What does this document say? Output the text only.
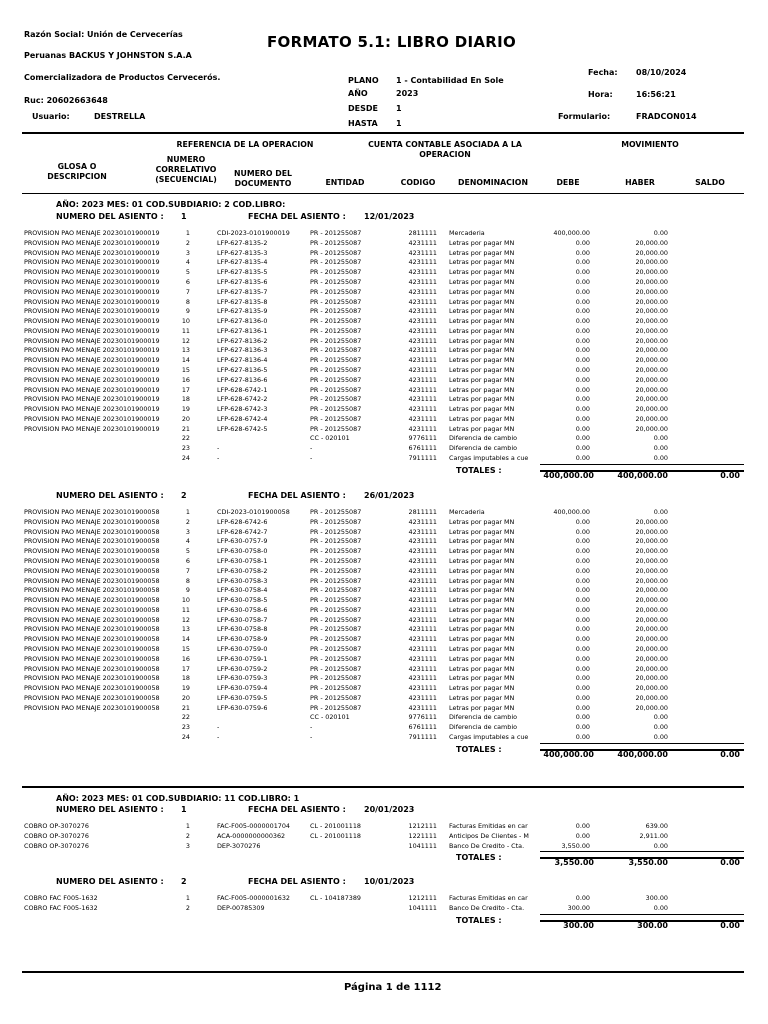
Razón Social: Unión de Cervecerías
Peruanas BACKUS Y JOHNSTON S.A.A
Comercializadora de Productos Cervecerós.
Ruc: 20602663648
Usuario:	DESTRELLA
FORMATO 5.1: LIBRO DIARIO
PLANO 1 - Contabilidad En Sole
AÑO	2023
DESDE 1
HASTA 1
Fecha: 08/10/2024
Hora:	16:56:21
Formulario:	FRADCON014
REFERENCIA DE LA OPERACION	CUENTA CONTABLE ASOCIADA A LA OPERACION
MOVIMIENTO
GLOSA O DESCRIPCION
NUMERO CORRELATIVO (SECUENCIAL)
NUMERO DEL DOCUMENTO	ENTIDAD	CODIGO	DENOMINACION	DEBE	HABER	SALDO
AÑO: 2023 MES: 01 COD.SUBDIARIO: 2 COD.LIBRO:
NUMERO DEL ASIENTO : 1	FECHA DEL ASIENTO : 12/01/2023
PROVISION PAO MENAJE 20230101900019	1	CDI-2023-0101900019	PR - 201255087	2811111 Mercaderia	400,000.00	0.00
PROVISION PAO MENAJE 20230101900019	2	LFP-627-8135-2	PR - 201255087	4231111 Letras por pagar MN	0.00	20,000.00
PROVISION PAO MENAJE 20230101900019	3	LFP-627-8135-3	PR - 201255087	4231111 Letras por pagar MN	0.00	20,000.00
PROVISION PAO MENAJE 20230101900019	4	LFP-627-8135-4	PR - 201255087	4231111 Letras por pagar MN	0.00	20,000.00
PROVISION PAO MENAJE 20230101900019	5	LFP-627-8135-5	PR - 201255087	4231111 Letras por pagar MN	0.00	20,000.00
PROVISION PAO MENAJE 20230101900019	6	LFP-627-8135-6	PR - 201255087	4231111 Letras por pagar MN	0.00	20,000.00
PROVISION PAO MENAJE 20230101900019	7	LFP-627-8135-7	PR - 201255087	4231111 Letras por pagar MN	0.00	20,000.00
PROVISION PAO MENAJE 20230101900019	8	LFP-627-8135-8	PR - 201255087	4231111 Letras por pagar MN	0.00	20,000.00
PROVISION PAO MENAJE 20230101900019	9	LFP-627-8135-9	PR - 201255087	4231111 Letras por pagar MN	0.00	20,000.00
PROVISION PAO MENAJE 20230101900019	10	LFP-627-8136-0	PR - 201255087	4231111 Letras por pagar MN	0.00	20,000.00
PROVISION PAO MENAJE 20230101900019	11	LFP-627-8136-1	PR - 201255087	4231111 Letras por pagar MN	0.00	20,000.00
PROVISION PAO MENAJE 20230101900019	12	LFP-627-8136-2	PR - 201255087	4231111 Letras por pagar MN	0.00	20,000.00
PROVISION PAO MENAJE 20230101900019	13	LFP-627-8136-3	PR - 201255087	4231111 Letras por pagar MN	0.00	20,000.00
PROVISION PAO MENAJE 20230101900019	14	LFP-627-8136-4	PR - 201255087	4231111 Letras por pagar MN	0.00	20,000.00
PROVISION PAO MENAJE 20230101900019	15	LFP-627-8136-5	PR - 201255087	4231111 Letras por pagar MN	0.00	20,000.00
PROVISION PAO MENAJE 20230101900019	16	LFP-627-8136-6	PR - 201255087	4231111 Letras por pagar MN	0.00	20,000.00
PROVISION PAO MENAJE 20230101900019	17	LFP-628-6742-1	PR - 201255087	4231111 Letras por pagar MN	0.00	20,000.00
PROVISION PAO MENAJE 20230101900019	18	LFP-628-6742-2	PR - 201255087	4231111 Letras por pagar MN	0.00	20,000.00
PROVISION PAO MENAJE 20230101900019	19	LFP-628-6742-3	PR - 201255087	4231111 Letras por pagar MN	0.00	20,000.00
PROVISION PAO MENAJE 20230101900019	20	LFP-628-6742-4	PR - 201255087	4231111 Letras por pagar MN	0.00	20,000.00
PROVISION PAO MENAJE 20230101900019	21	LFP-628-6742-5	PR - 201255087	4231111 Letras por pagar MN	0.00	20,000.00
22	CC - 020101	9776111 Diferencia de cambio	0.00	0.00
23	-	-	6761111 Diferencia de cambio	0.00	0.00
24	-	-	7911111 Cargas imputables a cue	0.00	0.00
TOTALES :
400,000.00	400,000.00	0.00
NUMERO DEL ASIENTO : 2	FECHA DEL ASIENTO : 26/01/2023
PROVISION PAO MENAJE 20230101900058	1	CDI-2023-0101900058	PR - 201255087	2811111 Mercaderia	400,000.00	0.00
PROVISION PAO MENAJE 20230101900058	2	LFP-628-6742-6	PR - 201255087	4231111 Letras por pagar MN	0.00	20,000.00
PROVISION PAO MENAJE 20230101900058	3	LFP-628-6742-7	PR - 201255087	4231111 Letras por pagar MN	0.00	20,000.00
PROVISION PAO MENAJE 20230101900058	4	LFP-630-0757-9	PR - 201255087	4231111 Letras por pagar MN	0.00	20,000.00
PROVISION PAO MENAJE 20230101900058	5	LFP-630-0758-0	PR - 201255087	4231111 Letras por pagar MN	0.00	20,000.00
PROVISION PAO MENAJE 20230101900058	6	LFP-630-0758-1	PR - 201255087	4231111 Letras por pagar MN	0.00	20,000.00
PROVISION PAO MENAJE 20230101900058	7	LFP-630-0758-2	PR - 201255087	4231111 Letras por pagar MN	0.00	20,000.00
PROVISION PAO MENAJE 20230101900058	8	LFP-630-0758-3	PR - 201255087	4231111 Letras por pagar MN	0.00	20,000.00
PROVISION PAO MENAJE 20230101900058	9	LFP-630-0758-4	PR - 201255087	4231111 Letras por pagar MN	0.00	20,000.00
PROVISION PAO MENAJE 20230101900058	10	LFP-630-0758-5	PR - 201255087	4231111 Letras por pagar MN	0.00	20,000.00
PROVISION PAO MENAJE 20230101900058	11	LFP-630-0758-6	PR - 201255087	4231111 Letras por pagar MN	0.00	20,000.00
PROVISION PAO MENAJE 20230101900058	12	LFP-630-0758-7	PR - 201255087	4231111 Letras por pagar MN	0.00	20,000.00
PROVISION PAO MENAJE 20230101900058	13	LFP-630-0758-8	PR - 201255087	4231111 Letras por pagar MN	0.00	20,000.00
PROVISION PAO MENAJE 20230101900058	14	LFP-630-0758-9	PR - 201255087	4231111 Letras por pagar MN	0.00	20,000.00
PROVISION PAO MENAJE 20230101900058	15	LFP-630-0759-0	PR - 201255087	4231111 Letras por pagar MN	0.00	20,000.00
PROVISION PAO MENAJE 20230101900058	16	LFP-630-0759-1	PR - 201255087	4231111 Letras por pagar MN	0.00	20,000.00
PROVISION PAO MENAJE 20230101900058	17	LFP-630-0759-2	PR - 201255087	4231111 Letras por pagar MN	0.00	20,000.00
PROVISION PAO MENAJE 20230101900058	18	LFP-630-0759-3	PR - 201255087	4231111 Letras por pagar MN	0.00	20,000.00
PROVISION PAO MENAJE 20230101900058	19	LFP-630-0759-4	PR - 201255087	4231111 Letras por pagar MN	0.00	20,000.00
PROVISION PAO MENAJE 20230101900058	20	LFP-630-0759-5	PR - 201255087	4231111 Letras por pagar MN	0.00	20,000.00
PROVISION PAO MENAJE 20230101900058	21	LFP-630-0759-6	PR - 201255087	4231111 Letras por pagar MN	0.00	20,000.00
22	CC - 020101	9776111 Diferencia de cambio	0.00	0.00
23	-	-	6761111 Diferencia de cambio	0.00	0.00
24	-	-	7911111 Cargas imputables a cue	0.00	0.00
TOTALES :
400,000.00	400,000.00	0.00
AÑO: 2023 MES: 01 COD.SUBDIARIO: 11 COD.LIBRO: 1
NUMERO DEL ASIENTO : 1	FECHA DEL ASIENTO : 20/01/2023
COBRO OP-3070276	1	FAC-F005-0000001704	CL - 201001118	1212111 Facturas Emitidas en car	0.00	639.00
COBRO OP-3070276	2	ACA-0000000000362	CL - 201001118	1221111 Anticipos De Clientes - M	0.00	2,911.00
COBRO OP-3070276	3	DEP-3070276	1041111 Banco De Credito - Cta.	3,550.00	0.00
TOTALES :
3,550.00	3,550.00	0.00
NUMERO DEL ASIENTO : 2	FECHA DEL ASIENTO : 10/01/2023
COBRO FAC F005-1632	1	FAC-F005-0000001632	CL - 104187389	1212111 Facturas Emitidas en car	0.00	300.00
COBRO FAC F005-1632	2	DEP-00785309	1041111 Banco De Credito - Cta.	300.00	0.00
TOTALES :
300.00	300.00	0.00
Página 1 de 1112
